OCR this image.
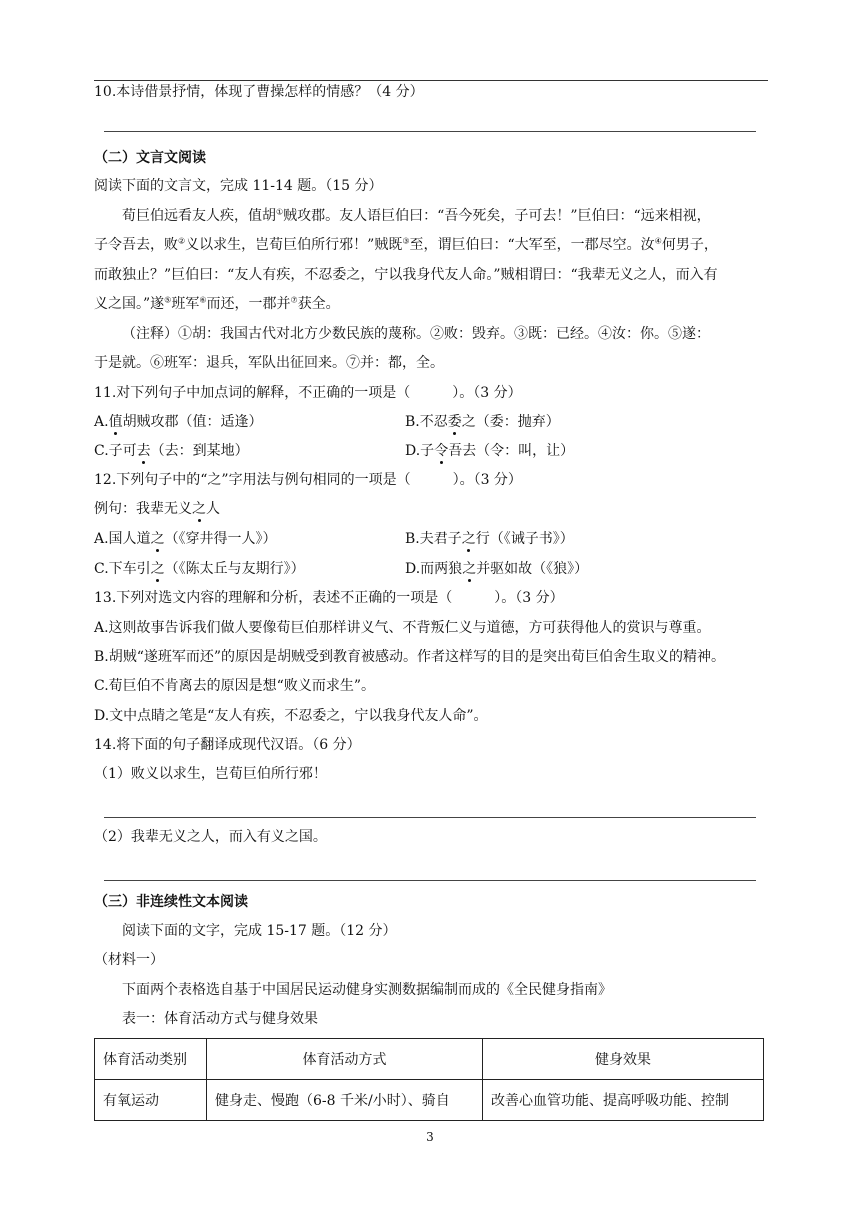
10.本诗借景抒情，体现了曹操怎样的情感？（4 分）
（二）文言文阅读
阅读下面的文言文，完成 11-14 题。（15 分）
荀巨伯远看友人疾，值胡①贼攻郡。友人语巨伯曰：“吾今死矣，子可去！”巨伯曰：“远来相视，
子令吾去，败②义以求生，岂荀巨伯所行邪！”贼既③至，谓巨伯曰：“大军至，一郡尽空。汝④何男子，
而敢独止？”巨伯曰：“友人有疾，不忍委之，宁以我身代友人命。”贼相谓曰：“我辈无义之人，而入有
义之国。”遂⑤班军⑥而还，一郡并⑦获全。
（注释）①胡：我国古代对北方少数民族的蔑称。②败：毁弃。③既：已经。④汝：你。⑤遂：
于是就。⑥班军：退兵，军队出征回来。⑦并：都，全。
11.对下列句子中加点词的解释，不正确的一项是（　　　）。（3 分）
A.值胡贼攻郡（值：适逢）	B.不忍委之（委：抛弃）
C.子可去（去：到某地）	D.子令吾去（令：叫，让）
12.下列句子中的“之”字用法与例句相同的一项是（　　　）。（3 分）
例句：我辈无义之人
A.国人道之（《穿井得一人》）	B.夫君子之行（《诫子书》）
C.下车引之（《陈太丘与友期行》）	D.而两狼之并驱如故（《狼》）
13.下列对选文内容的理解和分析，表述不正确的一项是（　　　）。（3 分）
A.这则故事告诉我们做人要像荀巨伯那样讲义气、不背叛仁义与道德，方可获得他人的赏识与尊重。
B.胡贼“遂班军而还”的原因是胡贼受到教育被感动。作者这样写的目的是突出荀巨伯舍生取义的精神。
C.荀巨伯不肯离去的原因是想“败义而求生”。
D.文中点睛之笔是“友人有疾，不忍委之，宁以我身代友人命”。
14.将下面的句子翻译成现代汉语。（6 分）
（1）败义以求生，岂荀巨伯所行邪！
（2）我辈无义之人，而入有义之国。
（三）非连续性文本阅读
阅读下面的文字，完成 15-17 题。（12 分）
（材料一）
下面两个表格选自基于中国居民运动健身实测数据编制而成的《全民健身指南》
表一：体育活动方式与健身效果
体育活动类别	体育活动方式	健身效果
有氧运动	健身走、慢跑（6-8 千米/小时）、骑自	改善心血管功能、提高呼吸功能、控制
3
